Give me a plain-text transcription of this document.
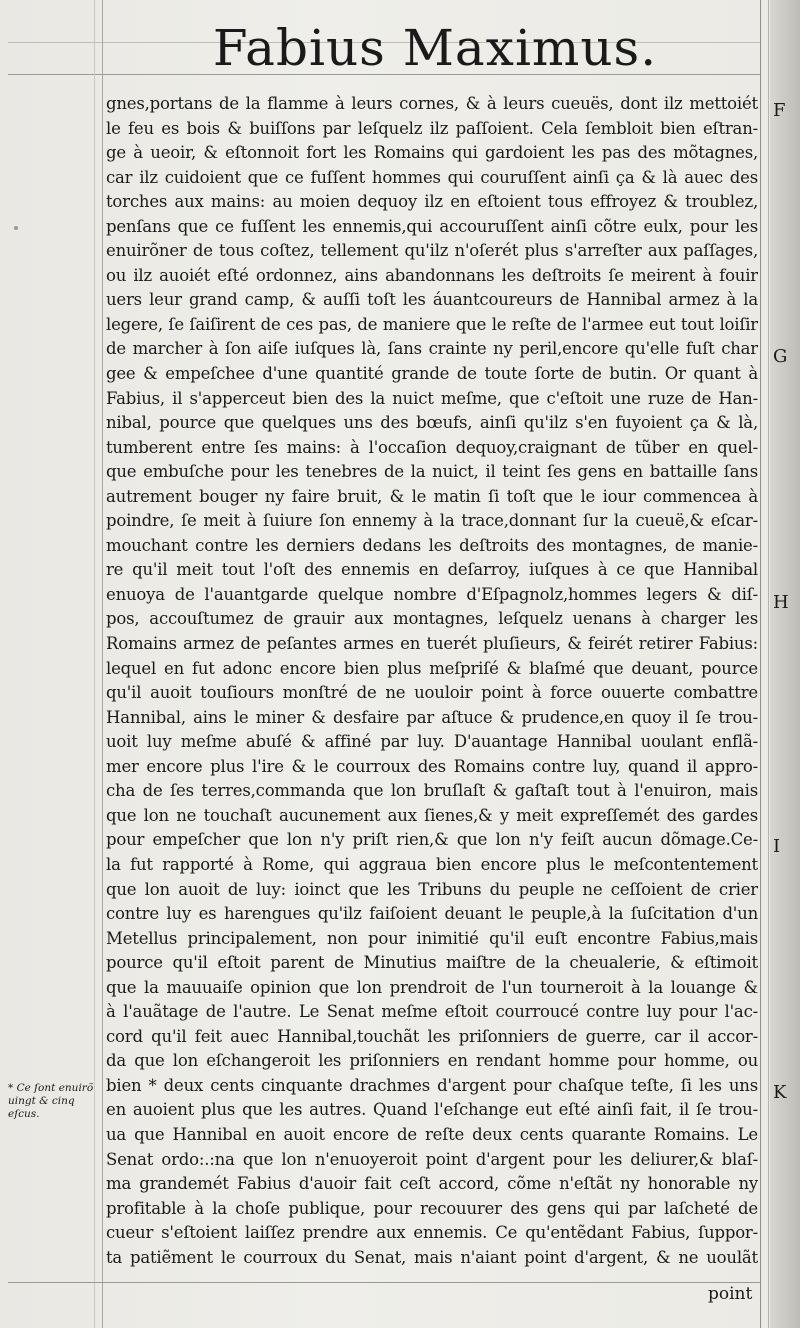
Fabius Maximus.
gnes,portans de la flamme à leurs cornes, & à leurs cueuës, dont ilz mettoiét
le feu es bois & buiſſons par leſquelz ilz paſſoient. Cela ſembloit bien eſtran-
ge à ueoir, & eſtonnoit fort les Romains qui gardoient les pas des mõtagnes,
car ilz cuidoient que ce fuſſent hommes qui couruſſent ainſi ça & là auec des
torches aux mains: au moien dequoy ilz en eſtoient tous effroyez & troublez,
penſans que ce fuſſent les ennemis,qui accouruſſent ainſi cõtre eulx, pour les
enuirõner de tous coſtez, tellement qu'ilz n'oſerét plus s'arreſter aux paſſages,
ou ilz auoiét eſté ordonnez, ains abandonnans les deſtroits ſe meirent à fouir
uers leur grand camp, & auſſi toſt les áuantcoureurs de Hannibal armez à la
legere, ſe ſaiſirent de ces pas, de maniere que le reſte de l'armee eut tout loiſir
de marcher à ſon aiſe iuſques là, ſans crainte ny peril,encore qu'elle fuſt char
gee & empeſchee d'une quantité grande de toute ſorte de butin. Or quant à
Fabius, il s'apperceut bien des la nuict meſme, que c'eſtoit une ruze de Han-
nibal, pource que quelques uns des bœufs, ainſi qu'ilz s'en fuyoient ça & là,
tumberent entre ſes mains: à l'occaſion dequoy,craignant de tũber en quel-
que embuſche pour les tenebres de la nuict, il teint ſes gens en battaille ſans
autrement bouger ny faire bruit, & le matin ſi toſt que le iour commencea à
poindre, ſe meit à ſuiure ſon ennemy à la trace,donnant ſur la cueuë,& eſcar-
mouchant contre les derniers dedans les deſtroits des montagnes, de manie-
re qu'il meit tout l'oſt des ennemis en deſarroy, iuſques à ce que Hannibal
enuoya de l'auantgarde quelque nombre d'Eſpagnolz,hommes legers & diſ-
pos, accouſtumez de grauir aux montagnes, leſquelz uenans à charger les
Romains armez de peſantes armes en tuerét pluſieurs, & feirét retirer Fabius:
lequel en fut adonc encore bien plus meſpriſé & blaſmé que deuant, pource
qu'il auoit touſiours monſtré de ne uouloir point à force ouuerte combattre
Hannibal, ains le miner & desfaire par aſtuce & prudence,en quoy il ſe trou-
uoit luy meſme abuſé & affiné par luy. D'auantage Hannibal uoulant enflã-
mer encore plus l'ire & le courroux des Romains contre luy, quand il appro-
cha de ſes terres,commanda que lon bruſlaſt & gaſtaſt tout à l'enuiron, mais
que lon ne touchaſt aucunement aux ſienes,& y meit expreſſemét des gardes
pour empeſcher que lon n'y priſt rien,& que lon n'y feiſt aucun dõmage.Ce-
la fut rapporté à Rome, qui aggraua bien encore plus le meſcontentement
que lon auoit de luy: ioinct que les Tribuns du peuple ne ceſſoient de crier
contre luy es harengues qu'ilz faiſoient deuant le peuple,à la ſuſcitation d'un
Metellus principalement, non pour inimitié qu'il euſt encontre Fabius,mais
pource qu'il eſtoit parent de Minutius maiſtre de la cheualerie, & eſtimoit
que la mauuaiſe opinion que lon prendroit de l'un tourneroit à la louange &
à l'auãtage de l'autre. Le Senat meſme eſtoit courroucé contre luy pour l'ac-
cord qu'il feit auec Hannibal,touchãt les priſonniers de guerre, car il accor-
da que lon eſchangeroit les priſonniers en rendant homme pour homme, ou
bien * deux cents cinquante drachmes d'argent pour chaſque teſte, ſi les uns
en auoient plus que les autres. Quand l'eſchange eut eſté ainſi fait, il ſe trou-
ua que Hannibal en auoit encore de reſte deux cents quarante Romains. Le
Senat ordo:.:na que lon n'enuoyeroit point d'argent pour les deliurer,& blaſ-
ma grandemét Fabius d'auoir fait ceſt accord, cõme n'eſtãt ny honorable ny
profitable à la choſe publique, pour recouurer des gens qui par laſcheté de
cueur s'eſtoient laiſſez prendre aux ennemis. Ce qu'entẽdant Fabius, ſuppor-
ta patiẽment le courroux du Senat, mais n'aiant point d'argent, & ne uoulãt
F
G
H
I
K
* Ce ſont enuirõ uingt & cinq eſcus.
point
